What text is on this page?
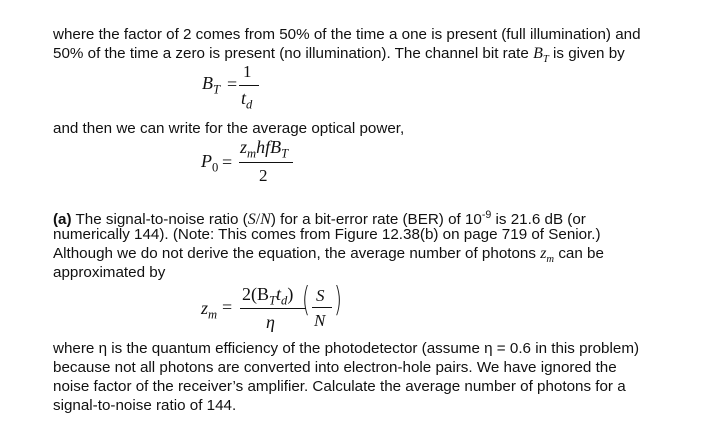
where the factor of 2 comes from 50% of the time a one is present (full illumination) and
50% of the time a zero is present (no illumination). The channel bit rate $B_T$ is given by
$B_T$ =
1
$t_d$
and then we can write for the average optical power,
$P_0$ =
$z_mhfB_T$
2
(a) The signal-to-noise ratio (S/N) for a bit-error rate (BER) of $10^{-9}$ is 21.6 dB (or
numerically 144). (Note: This comes from Figure 12.38(b) on page 719 of Senior.)
Although we do not derive the equation, the average number of photons $z_m$ can be
approximated by
$z_m$ =
$2(B_Tt_d)$
η
( S
N
)
where η is the quantum efficiency of the photodetector (assume η = 0.6 in this problem)
because not all photons are converted into electron-hole pairs. We have ignored the
noise factor of the receiver’s amplifier. Calculate the average number of photons for a
signal-to-noise ratio of 144.
